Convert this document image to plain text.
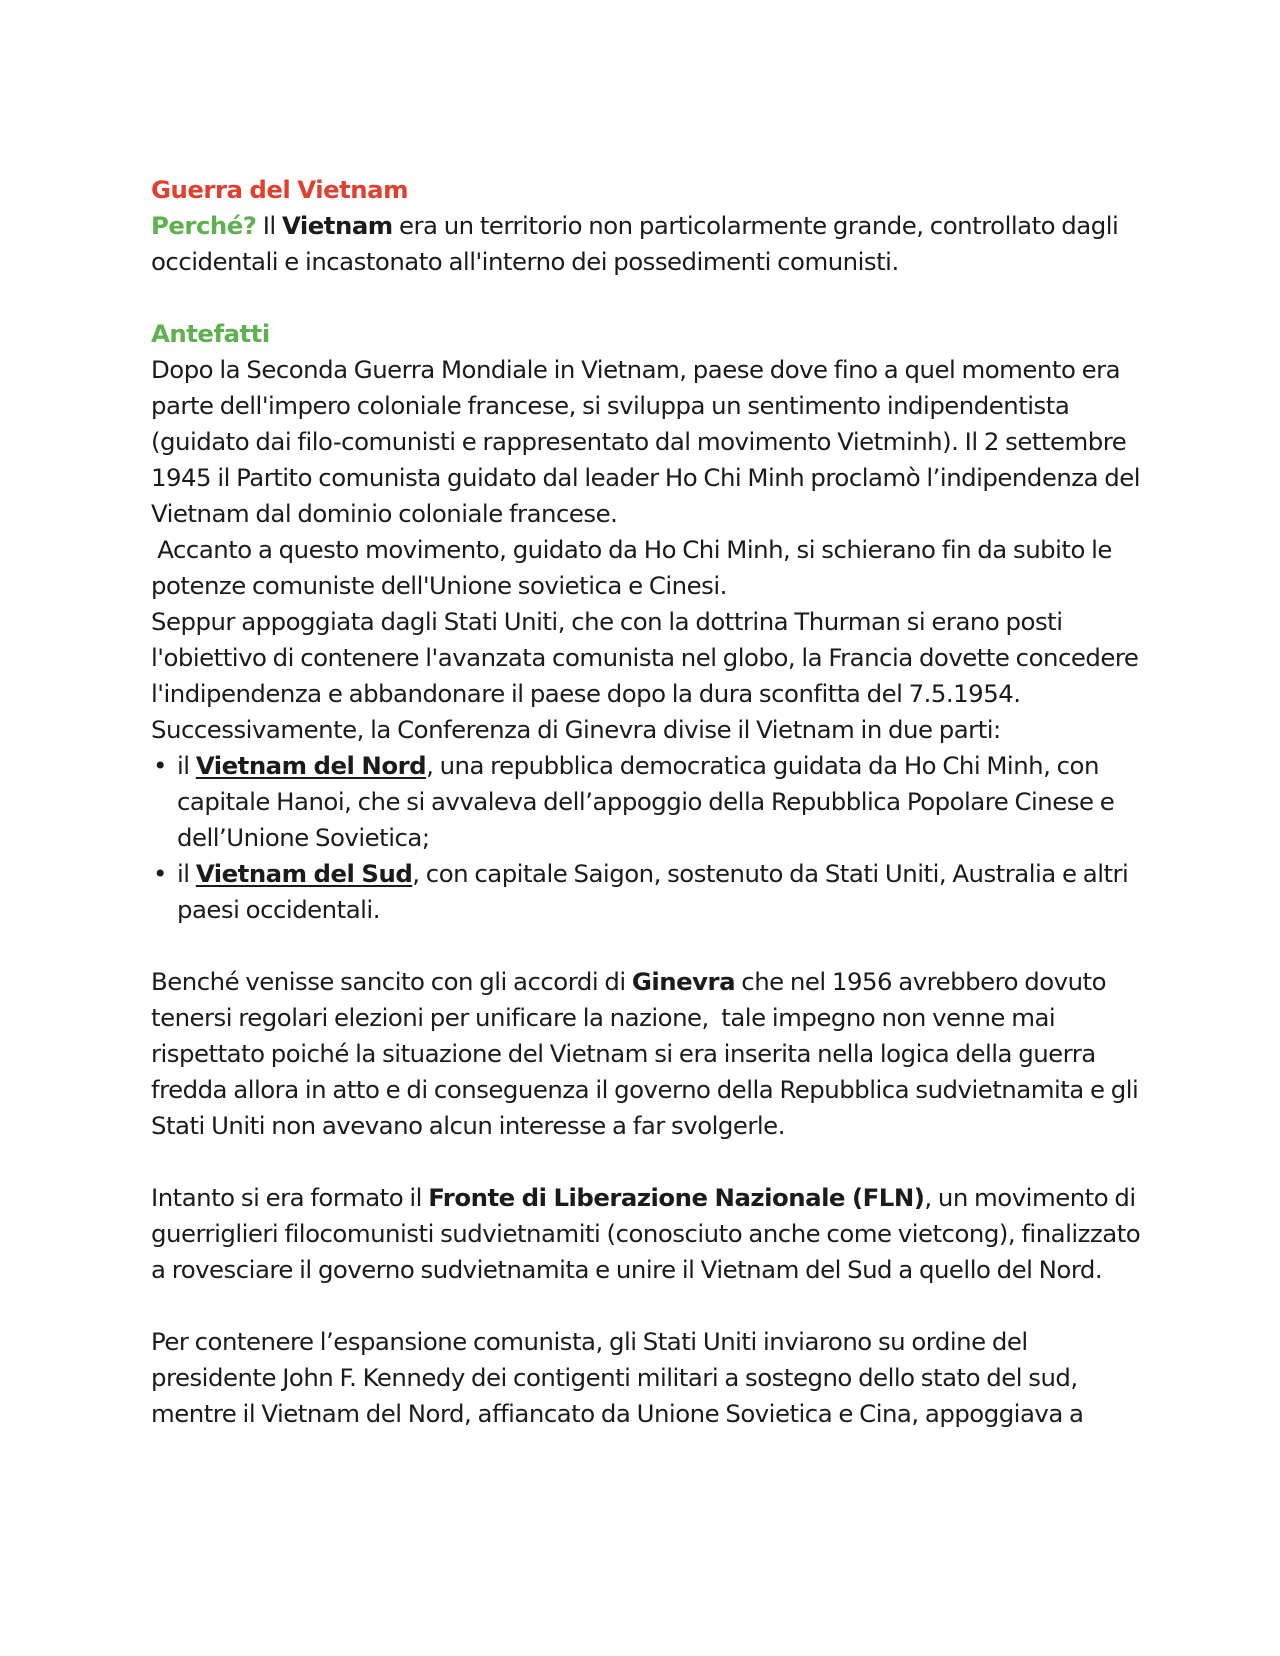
Guerra del Vietnam

Perché? Il Vietnam era un territorio non particolarmente grande, controllato dagli occidentali e incastonato all'interno dei possedimenti comunisti.

Antefatti

Dopo la Seconda Guerra Mondiale in Vietnam, paese dove fino a quel momento era parte dell'impero coloniale francese, si sviluppa un sentimento indipendentista (guidato dai filo-comunisti e rappresentato dal movimento Vietminh). Il 2 settembre 1945 il Partito comunista guidato dal leader Ho Chi Minh proclamò l’indipendenza del Vietnam dal dominio coloniale francese.

Accanto a questo movimento, guidato da Ho Chi Minh, si schierano fin da subito le potenze comuniste dell'Unione sovietica e Cinesi.

Seppur appoggiata dagli Stati Uniti, che con la dottrina Thurman si erano posti l'obiettivo di contenere l'avanzata comunista nel globo, la Francia dovette concedere l'indipendenza e abbandonare il paese dopo la dura sconfitta del 7.5.1954.

Successivamente, la Conferenza di Ginevra divise il Vietnam in due parti:

• il Vietnam del Nord, una repubblica democratica guidata da Ho Chi Minh, con capitale Hanoi, che si avvaleva dell’appoggio della Repubblica Popolare Cinese e dell’Unione Sovietica;
• il Vietnam del Sud, con capitale Saigon, sostenuto da Stati Uniti, Australia e altri paesi occidentali.

Benché venisse sancito con gli accordi di Ginevra che nel 1956 avrebbero dovuto tenersi regolari elezioni per unificare la nazione,  tale impegno non venne mai rispettato poiché la situazione del Vietnam si era inserita nella logica della guerra fredda allora in atto e di conseguenza il governo della Repubblica sudvietnamita e gli Stati Uniti non avevano alcun interesse a far svolgerle.

Intanto si era formato il Fronte di Liberazione Nazionale (FLN), un movimento di guerriglieri filocomunisti sudvietnamiti (conosciuto anche come vietcong), finalizzato a rovesciare il governo sudvietnamita e unire il Vietnam del Sud a quello del Nord.

Per contenere l’espansione comunista, gli Stati Uniti inviarono su ordine del presidente John F. Kennedy dei contigenti militari a sostegno dello stato del sud, mentre il Vietnam del Nord, affiancato da Unione Sovietica e Cina, appoggiava a
